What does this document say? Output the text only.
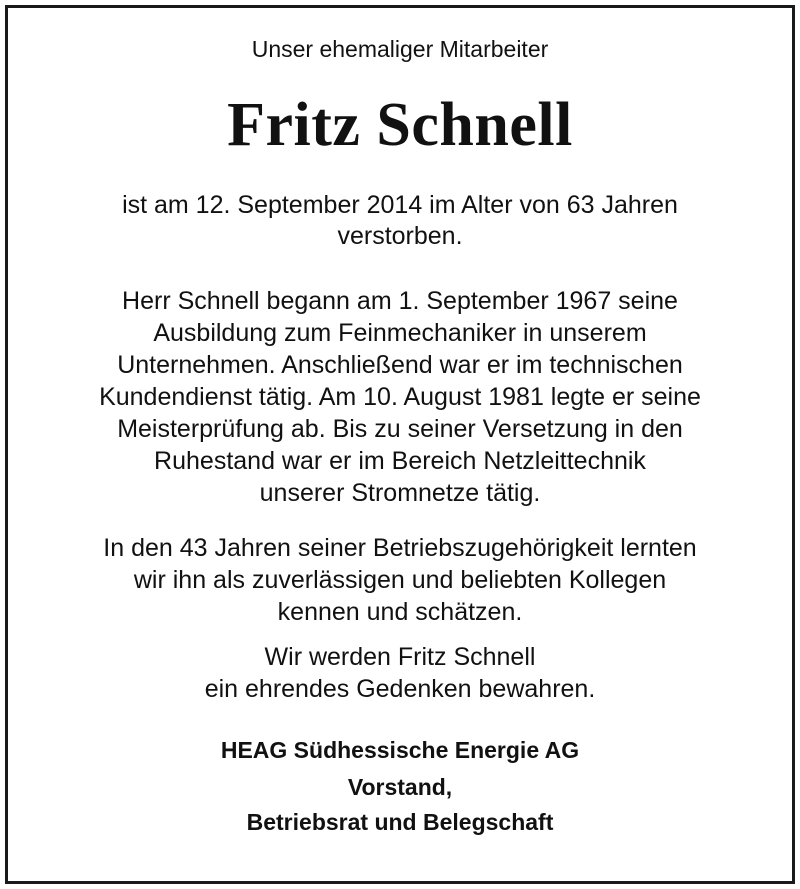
Unser ehemaliger Mitarbeiter
Fritz Schnell
ist am 12. September 2014 im Alter von 63 Jahren
verstorben.
Herr Schnell begann am 1. September 1967 seine
Ausbildung zum Feinmechaniker in unserem
Unternehmen. Anschließend war er im technischen
Kundendienst tätig. Am 10. August 1981 legte er seine
Meisterprüfung ab. Bis zu seiner Versetzung in den
Ruhestand war er im Bereich Netzleittechnik
unserer Stromnetze tätig.
In den 43 Jahren seiner Betriebszugehörigkeit lernten
wir ihn als zuverlässigen und beliebten Kollegen
kennen und schätzen.
Wir werden Fritz Schnell
ein ehrendes Gedenken bewahren.
HEAG Südhessische Energie AG
Vorstand,
Betriebsrat und Belegschaft
